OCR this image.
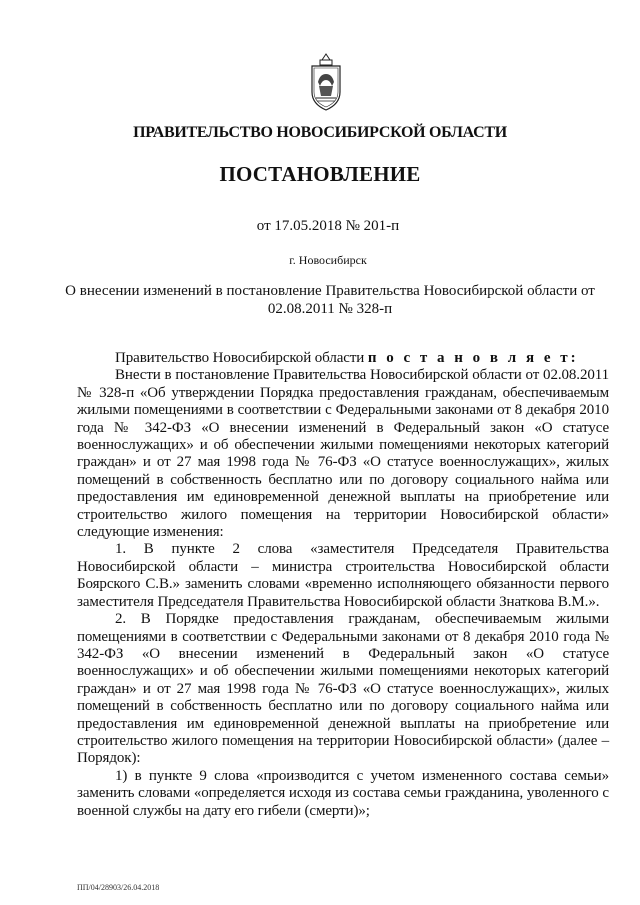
ПРАВИТЕЛЬСТВО НОВОСИБИРСКОЙ ОБЛАСТИ
ПОСТАНОВЛЕНИЕ
от 17.05.2018 № 201-п
г. Новосибирск
О внесении изменений в постановление Правительства Новосибирской области от 02.08.2011 № 328-п

Правительство Новосибирской области п о с т а н о в л я е т:

Внести в постановление Правительства Новосибирской области от 02.08.2011 № 328-п «Об утверждении Порядка предоставления гражданам, обеспечиваемым жилыми помещениями в соответствии с Федеральными законами от 8 декабря 2010 года № 342-ФЗ «О внесении изменений в Федеральный закон «О статусе военнослужащих» и об обеспечении жилыми помещениями некоторых категорий граждан» и от 27 мая 1998 года № 76-ФЗ «О статусе военнослужащих», жилых помещений в собственность бесплатно или по договору социального найма или предоставления им единовременной денежной выплаты на приобретение или строительство жилого помещения на территории Новосибирской области» следующие изменения:

1. В пункте 2 слова «заместителя Председателя Правительства Новосибирской области – министра строительства Новосибирской области Боярского С.В.» заменить словами «временно исполняющего обязанности первого заместителя Председателя Правительства Новосибирской области Знаткова В.М.».

2. В Порядке предоставления гражданам, обеспечиваемым жилыми помещениями в соответствии с Федеральными законами от 8 декабря 2010 года № 342-ФЗ «О внесении изменений в Федеральный закон «О статусе военнослужащих» и об обеспечении жилыми помещениями некоторых категорий граждан» и от 27 мая 1998 года № 76-ФЗ «О статусе военнослужащих», жилых помещений в собственность бесплатно или по договору социального найма или предоставления им единовременной денежной выплаты на приобретение или строительство жилого помещения на территории Новосибирской области» (далее – Порядок):

1) в пункте 9 слова «производится с учетом измененного состава семьи» заменить словами «определяется исходя из состава семьи гражданина, уволенного с военной службы на дату его гибели (смерти)»;

ПП/04/28903/26.04.2018
